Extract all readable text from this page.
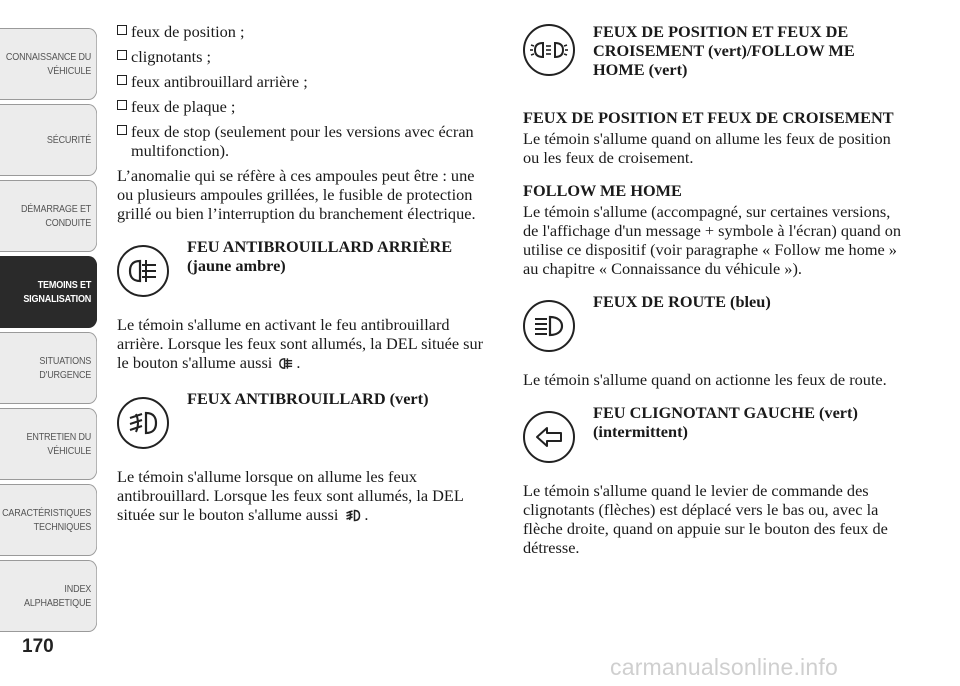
CONNAISSANCE DU VÉHICULE
SÉCURITÉ
DÉMARRAGE ET CONDUITE
TEMOINS ET SIGNALISATION
SITUATIONS D'URGENCE
ENTRETIEN DU VÉHICULE
CARACTÉRISTIQUES TECHNIQUES
INDEX ALPHABETIQUE
170
carmanualsonline.info
feux de position ;
clignotants ;
feux antibrouillard arrière ;
feux de plaque ;
feux de stop (seulement pour les versions avec écran multifonction).

L’anomalie qui se réfère à ces ampoules peut être : une ou plusieurs ampoules grillées, le fusible de protection grillé ou bien l’interruption du branchement électrique.

FEU ANTIBROUILLARD ARRIÈRE
(jaune ambre)

Le témoin s'allume en activant le feu antibrouillard arrière. Lorsque les feux sont allumés, la DEL située sur le bouton s'allume aussi .

FEUX ANTIBROUILLARD (vert)

Le témoin s'allume lorsque on allume les feux antibrouillard. Lorsque les feux sont allumés, la DEL située sur le bouton s'allume aussi .

FEUX DE POSITION ET FEUX DE CROISEMENT (vert)/FOLLOW ME HOME (vert)

FEUX DE POSITION ET FEUX DE CROISEMENT

Le témoin s'allume quand on allume les feux de position ou les feux de croisement.

FOLLOW ME HOME

Le témoin s'allume (accompagné, sur certaines versions, de l'affichage d'un message + symbole à l'écran) quand on utilise ce dispositif (voir paragraphe « Follow me home » au chapitre « Connaissance du véhicule »).

FEUX DE ROUTE (bleu)

Le témoin s'allume quand on actionne les feux de route.

FEU CLIGNOTANT GAUCHE (vert) (intermittent)

Le témoin s'allume quand le levier de commande des clignotants (flèches) est déplacé vers le bas ou, avec la flèche droite, quand on appuie sur le bouton des feux de détresse.
